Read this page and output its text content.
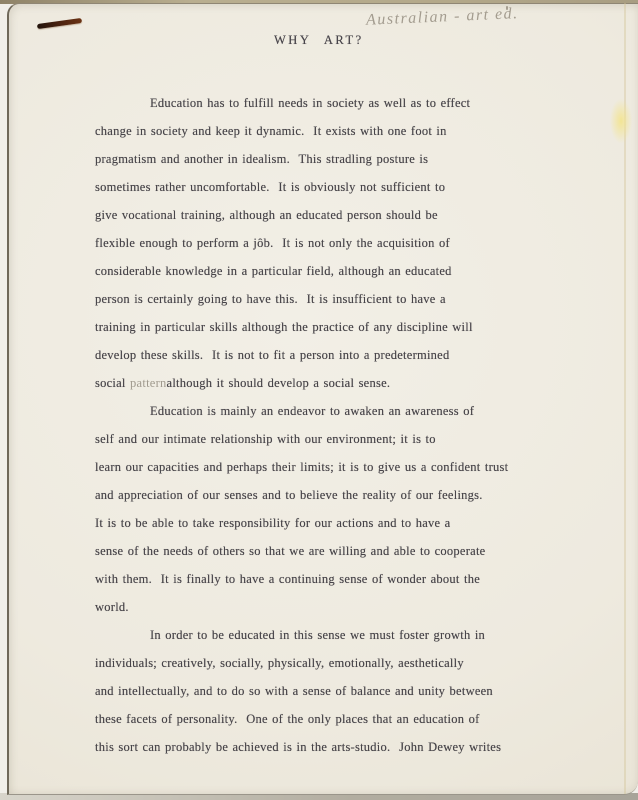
Australian - art ed.
WHY ART?
Education has to fulfill needs in society as well as to effect
change in society and keep it dynamic.  It exists with one foot in
pragmatism and another in idealism.  This stradling posture is
sometimes rather uncomfortable.  It is obviously not sufficient to
give vocational training, although an educated person should be
flexible enough to perform a jôb.  It is not only the acquisition of
considerable knowledge in a particular field, although an educated
person is certainly going to have this.  It is insufficient to have a
training in particular skills although the practice of any discipline will
develop these skills.  It is not to fit a person into a predetermined
social patternalthough it should develop a social sense.
Education is mainly an endeavor to awaken an awareness of
self and our intimate relationship with our environment; it is to
learn our capacities and perhaps their limits; it is to give us a confident trust
and appreciation of our senses and to believe the reality of our feelings.
It is to be able to take responsibility for our actions and to have a
sense of the needs of others so that we are willing and able to cooperate
with them.  It is finally to have a continuing sense of wonder about the
world.
In order to be educated in this sense we must foster growth in
individuals; creatively, socially, physically, emotionally, aesthetically
and intellectually, and to do so with a sense of balance and unity between
these facets of personality.  One of the only places that an education of
this sort can probably be achieved is in the arts-studio.  John Dewey writes
